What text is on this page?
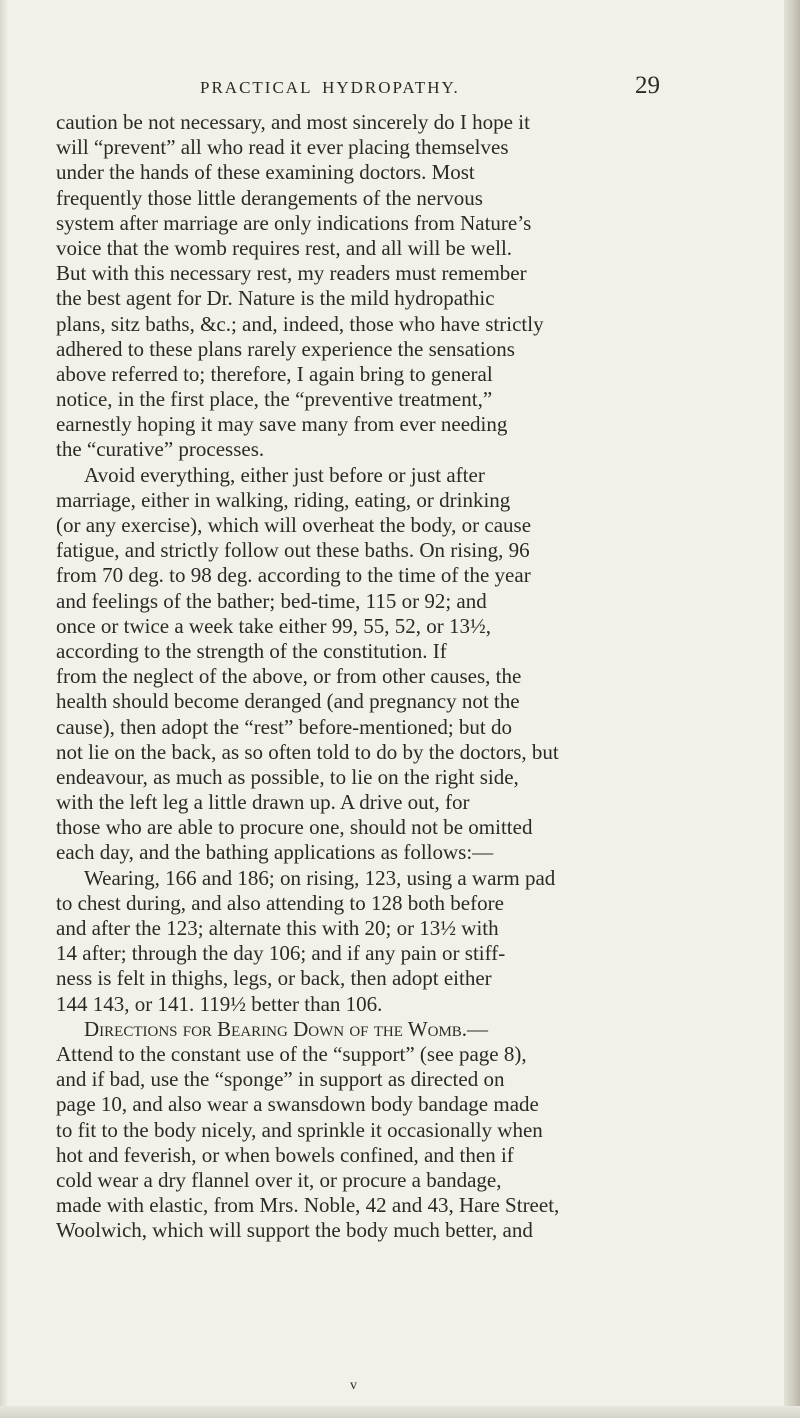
PRACTICAL HYDROPATHY.	29
caution be not necessary, and most sincerely do I hope it
will “prevent” all who read it ever placing themselves
under the hands of these examining doctors. Most
frequently those little derangements of the nervous
system after marriage are only indications from Nature’s
voice that the womb requires rest, and all will be well.
But with this necessary rest, my readers must remember
the best agent for Dr. Nature is the mild hydropathic
plans, sitz baths, &c.; and, indeed, those who have strictly
adhered to these plans rarely experience the sensations
above referred to; therefore, I again bring to general
notice, in the first place, the “preventive treatment,”
earnestly hoping it may save many from ever needing
the “curative” processes.
Avoid everything, either just before or just after
marriage, either in walking, riding, eating, or drinking
(or any exercise), which will overheat the body, or cause
fatigue, and strictly follow out these baths. On rising, 96
from 70 deg. to 98 deg. according to the time of the year
and feelings of the bather; bed-time, 115 or 92; and
once or twice a week take either 99, 55, 52, or 13½,
according to the strength of the constitution. If
from the neglect of the above, or from other causes, the
health should become deranged (and pregnancy not the
cause), then adopt the “rest” before-mentioned; but do
not lie on the back, as so often told to do by the doctors, but
endeavour, as much as possible, to lie on the right side,
with the left leg a little drawn up. A drive out, for
those who are able to procure one, should not be omitted
each day, and the bathing applications as follows:—
Wearing, 166 and 186; on rising, 123, using a warm pad
to chest during, and also attending to 128 both before
and after the 123; alternate this with 20; or 13½ with
14 after; through the day 106; and if any pain or stiff-
ness is felt in thighs, legs, or back, then adopt either
144 143, or 141. 119½ better than 106.
Directions for Bearing Down of the Womb.—
Attend to the constant use of the “support” (see page 8),
and if bad, use the “sponge” in support as directed on
page 10, and also wear a swansdown body bandage made
to fit to the body nicely, and sprinkle it occasionally when
hot and feverish, or when bowels confined, and then if
cold wear a dry flannel over it, or procure a bandage,
made with elastic, from Mrs. Noble, 42 and 43, Hare Street,
Woolwich, which will support the body much better, and
v
